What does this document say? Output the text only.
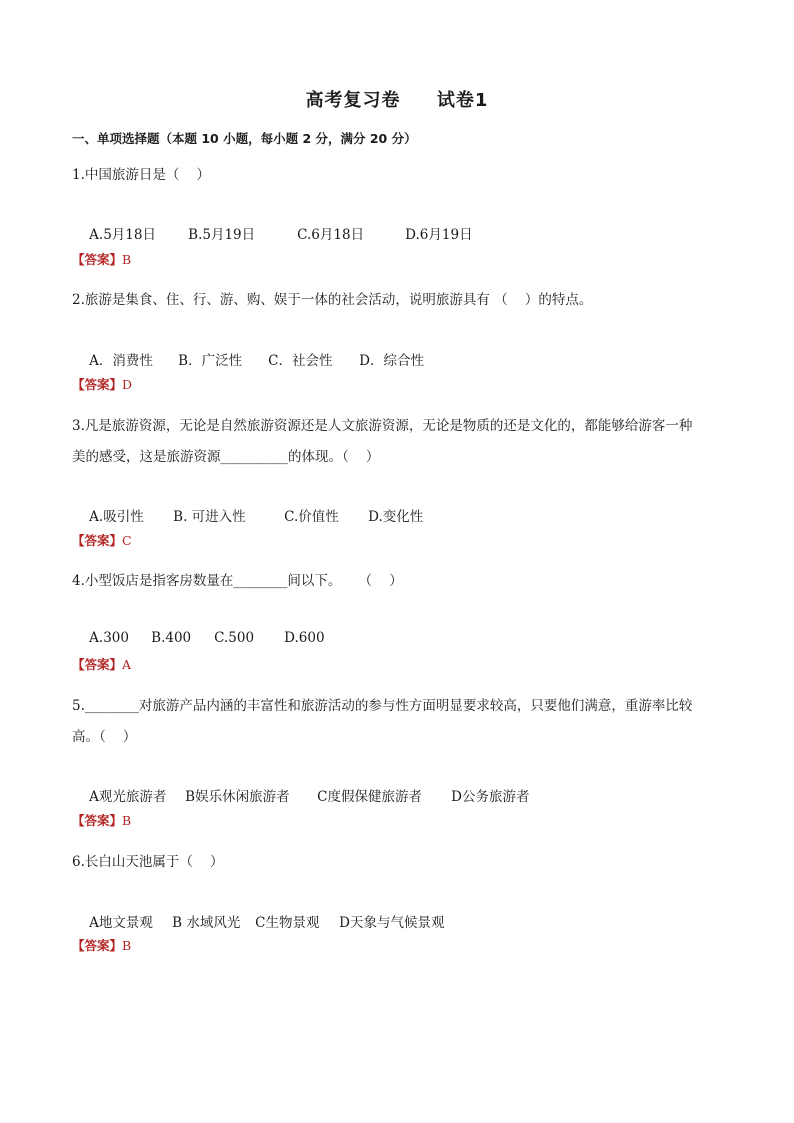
高考复习卷     试卷1
一、单项选择题（本题 10 小题，每小题 2 分，满分 20 分）
1.中国旅游日是（    ）

A.5月18日 B.5月19日	C.6月18日	D.6月19日

【答案】B
2.旅游是集食、住、行、游、购、娱于一体的社会活动，说明旅游具有 （    ）的特点。

A．消费性 B．广泛性 C．社会性 D．综合性

【答案】D
3.凡是旅游资源，无论是自然旅游资源还是人文旅游资源，无论是物质的还是文化的，都能够给游客一种
美的感受，这是旅游资源__________的体现。（    ）

A.吸引性 B. 可进入性	C.价值性 D.变化性

【答案】C
4.小型饭店是指客房数量在________间以下。    （    ）

A.300 B.400 C.500 D.600

【答案】A
5.________对旅游产品内涵的丰富性和旅游活动的参与性方面明显要求较高，只要他们满意，重游率比较
高。（    ）

A观光旅游者 B娱乐休闲旅游者 C度假保健旅游者 D公务旅游者

【答案】B
6.长白山天池属于（    ）

A地文景观 B 水域风光 C生物景观 D天象与气候景观

【答案】B
